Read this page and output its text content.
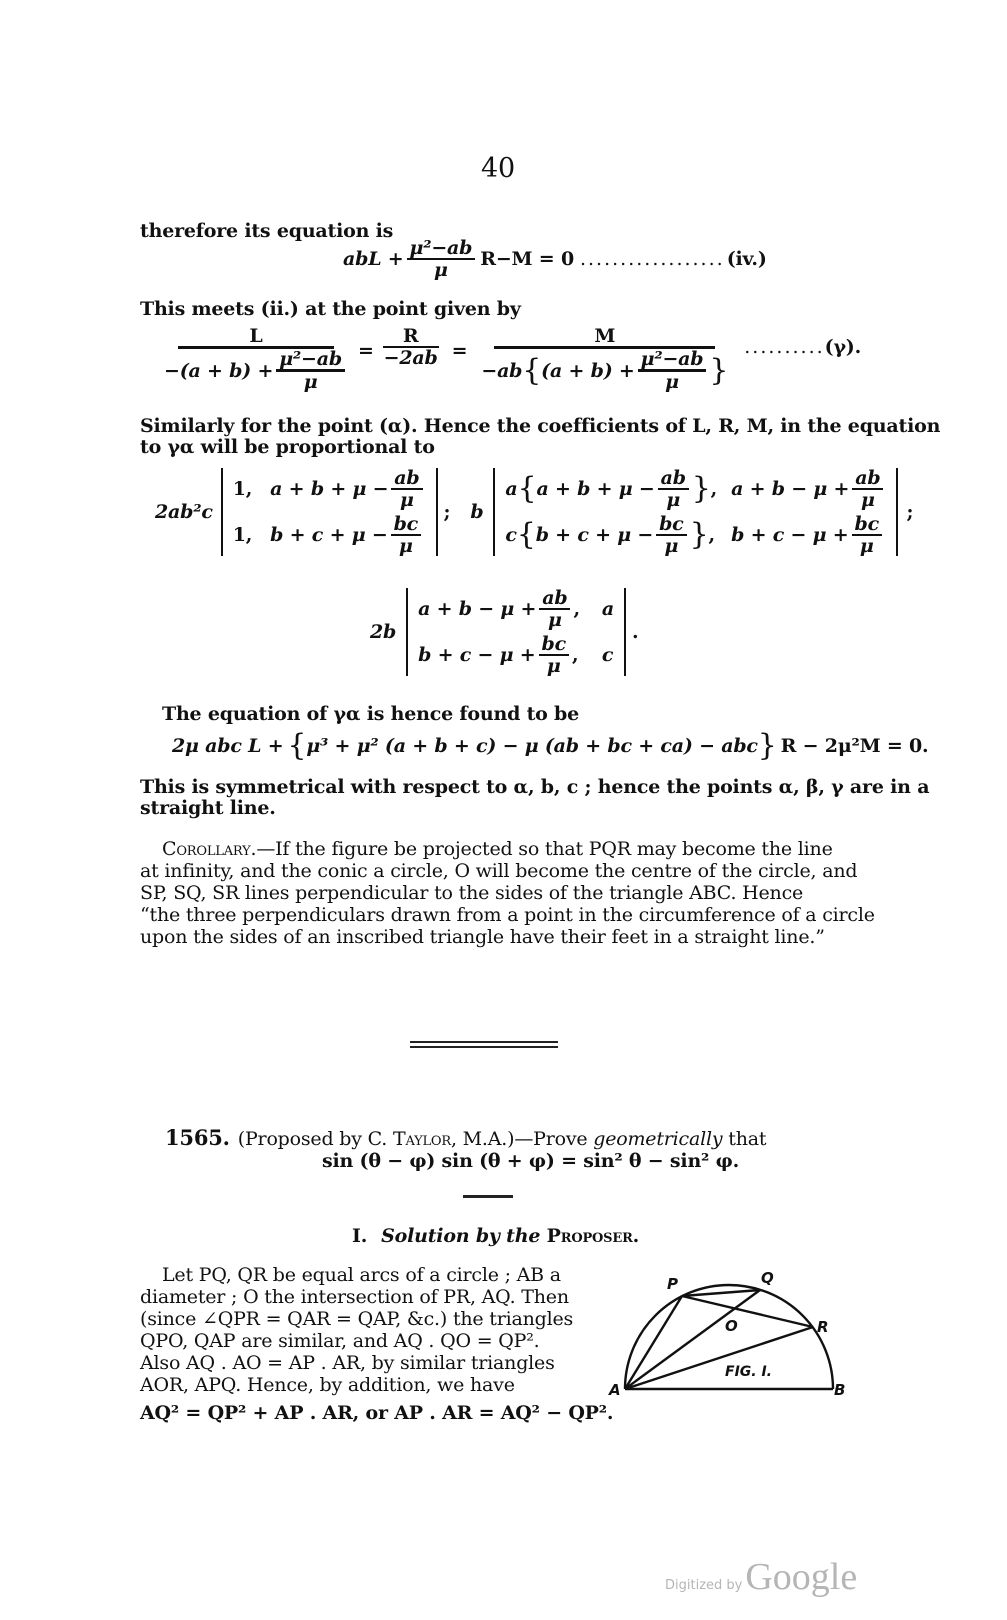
40
therefore its equation is
abL + $\frac{\text{μ²−ab}}{\mu} R-M = 0$ .................. (iv.)
This meets (ii.) at the point given by
$\frac{L}{-(a + b) + \frac{\text{μ²−ab}}{\mu}} = \frac{R}{-2ab} = \frac{M}{-ab \{ (a + b) + \frac{\text{μ²−ab}}{\mu} \}}$ .......... (γ).
Similarly for the point (α). Hence the coefficients of L, R, M, in the equation
to γα will be proportional to
2ab²c
1, $a + b + \mu - \frac{ab}{\mu}$
1, $b + c + \mu - \frac{bc}{\mu}$
; b
a { $a + b + \mu - \frac{ab}{\mu}$ } , $a + b - \mu + \frac{ab}{\mu}$
c { $b + c + \mu - \frac{bc}{\mu}$ } , $b + c - \mu + \frac{bc}{\mu}$
;
2b
$a + b - \mu + \frac{ab}{\mu}$ , a
$b + c - \mu + \frac{bc}{\mu}$ , c
.
The equation of γα is hence found to be
2μ abc L + { μ³ + μ² (a + b + c) − μ (ab + bc + ca) − abc } R − 2μ²M = 0.
This is symmetrical with respect to α, b, c ; hence the points α, β, γ are in a
straight line.
Corollary.—If the figure be projected so that PQR may become the line
at infinity, and the conic a circle, O will become the centre of the circle, and
SP, SQ, SR lines perpendicular to the sides of the triangle ABC. Hence
“the three perpendiculars drawn from a point in the circumference of a circle
upon the sides of an inscribed triangle have their feet in a straight line.”
1565. (Proposed by C. Taylor, M.A.)—Prove geometrically that
sin (θ − φ) sin (θ + φ) = sin² θ − sin² φ.
I. Solution by the Proposer.
Let PQ, QR be equal arcs of a circle ; AB a
diameter ; O the intersection of PR, AQ. Then
(since ∠QPR = QAR = QAP, &c.) the triangles
QPO, QAP are similar, and AQ . QO = QP².
Also AQ . AO = AP . AR, by similar triangles
AOR, APQ. Hence, by addition, we have
AQ² = QP² + AP . AR, or AP . AR = AQ² − QP².
P	Q
R
O
A	B
FIG. I.
Digitized by Google
